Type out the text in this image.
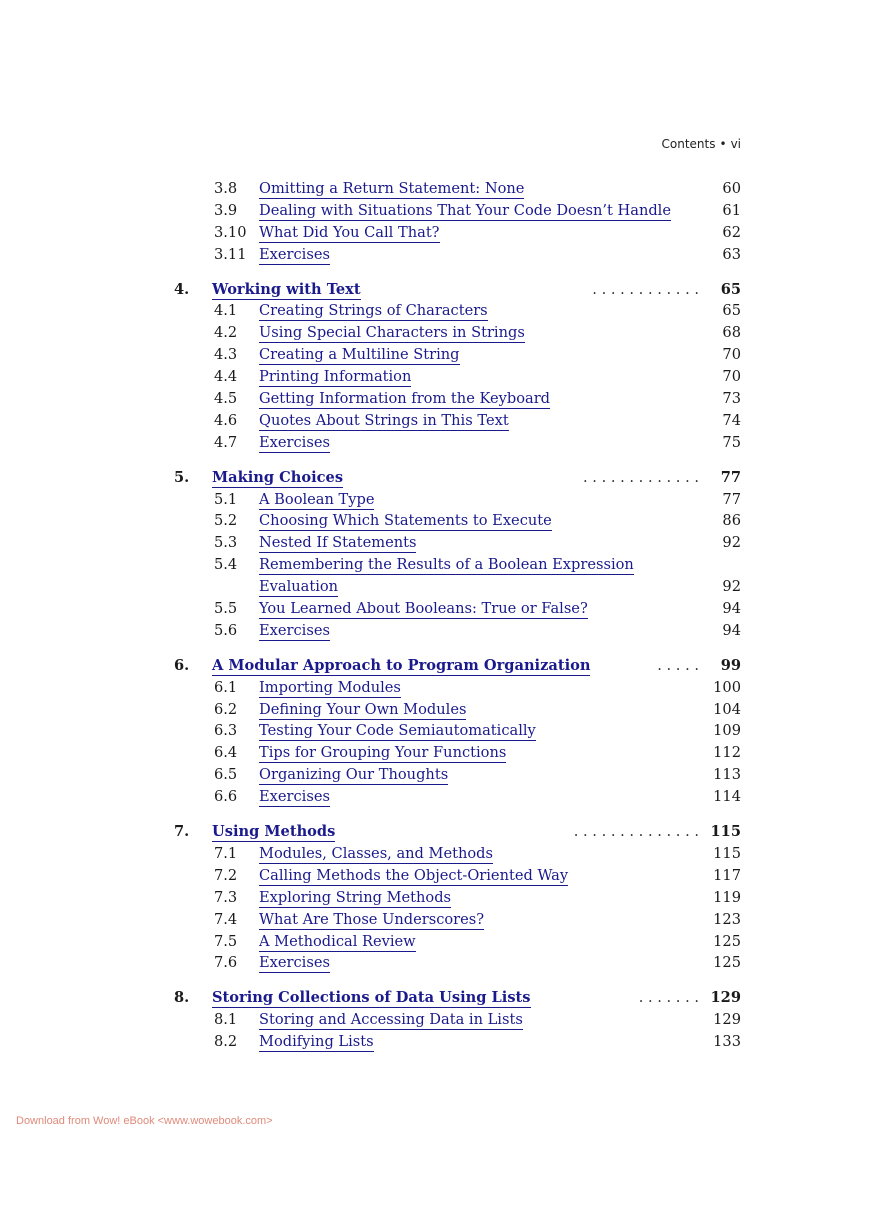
Contents • vi
3.8 Omitting a Return Statement: None	60
3.9 Dealing with Situations That Your Code Doesn’t Handle	61
3.10 What Did You Call That?	62
3.11 Exercises	63
4. Working with Text	. . . . . . . . . . . . 65
4.1 Creating Strings of Characters	65
4.2 Using Special Characters in Strings	68
4.3 Creating a Multiline String	70
4.4 Printing Information	70
4.5 Getting Information from the Keyboard	73
4.6 Quotes About Strings in This Text	74
4.7 Exercises	75
5. Making Choices	. . . . . . . . . . . . . 77
5.1 A Boolean Type	77
5.2 Choosing Which Statements to Execute	86
5.3 Nested If Statements	92
5.4 Remembering the Results of a Boolean Expression
Evaluation	92
5.5 You Learned About Booleans: True or False?	94
5.6 Exercises	94
6. A Modular Approach to Program Organization	. . . . . 99
6.1 Importing Modules	100
6.2 Defining Your Own Modules	104
6.3 Testing Your Code Semiautomatically	109
6.4 Tips for Grouping Your Functions	112
6.5 Organizing Our Thoughts	113
6.6 Exercises	114
7. Using Methods	. . . . . . . . . . . . . . 115
7.1 Modules, Classes, and Methods	115
7.2 Calling Methods the Object-Oriented Way	117
7.3 Exploring String Methods	119
7.4 What Are Those Underscores?	123
7.5 A Methodical Review	125
7.6 Exercises	125
8. Storing Collections of Data Using Lists	. . . . . . . 129
8.1 Storing and Accessing Data in Lists	129
8.2 Modifying Lists	133
Download from Wow! eBook <www.wowebook.com>
